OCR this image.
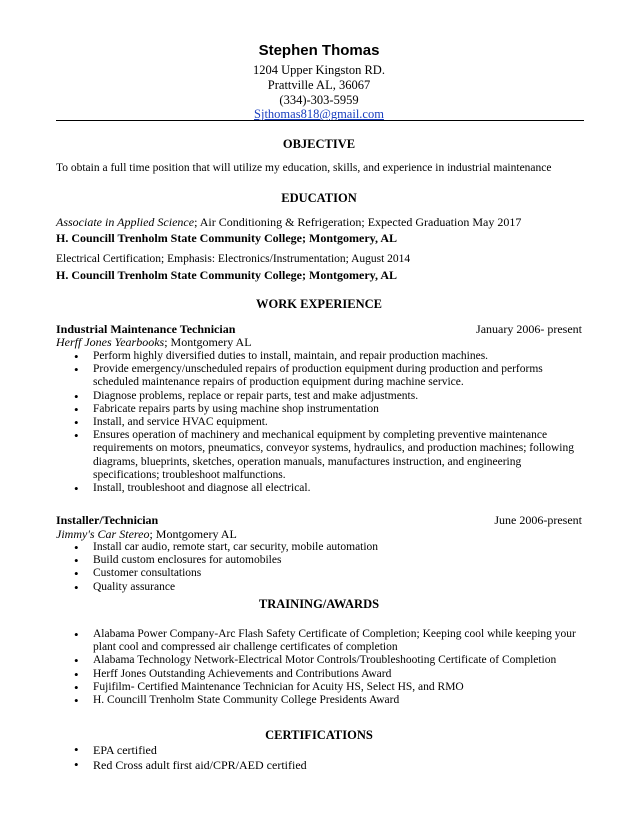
Stephen Thomas
1204 Upper Kingston RD.
Prattville AL, 36067
(334)-303-5959
Sjthomas818@gmail.com
OBJECTIVE
To obtain a full time position that will utilize my education, skills, and experience in industrial maintenance
EDUCATION
Associate in Applied Science; Air Conditioning & Refrigeration; Expected Graduation May 2017
H. Councill Trenholm State Community College; Montgomery, AL
Electrical Certification; Emphasis: Electronics/Instrumentation; August 2014
H. Councill Trenholm State Community College; Montgomery, AL
WORK EXPERIENCE
Industrial Maintenance Technician	January 2006- present
Herff Jones Yearbooks; Montgomery AL
• Perform highly diversified duties to install, maintain, and repair production machines.
• Provide emergency/unscheduled repairs of production equipment during production and performs scheduled maintenance repairs of production equipment during machine service.
• Diagnose problems, replace or repair parts, test and make adjustments.
• Fabricate repairs parts by using machine shop instrumentation
• Install, and service HVAC equipment.
• Ensures operation of machinery and mechanical equipment by completing preventive maintenance requirements on motors, pneumatics, conveyor systems, hydraulics, and production machines; following diagrams, blueprints, sketches, operation manuals, manufactures instruction, and engineering specifications; troubleshoot malfunctions.
• Install, troubleshoot and diagnose all electrical.
Installer/Technician	June 2006-present
Jimmy's Car Stereo; Montgomery AL
• Install car audio, remote start, car security, mobile automation
• Build custom enclosures for automobiles
• Customer consultations
• Quality assurance
TRAINING/AWARDS
• Alabama Power Company-Arc Flash Safety Certificate of Completion; Keeping cool while keeping your plant cool and compressed air challenge certificates of completion
• Alabama Technology Network-Electrical Motor Controls/Troubleshooting Certificate of Completion
• Herff Jones Outstanding Achievements and Contributions Award
• Fujifilm- Certified Maintenance Technician for Acuity HS, Select HS, and RMO
• H. Councill Trenholm State Community College Presidents Award
CERTIFICATIONS
• EPA certified
• Red Cross adult first aid/CPR/AED certified
